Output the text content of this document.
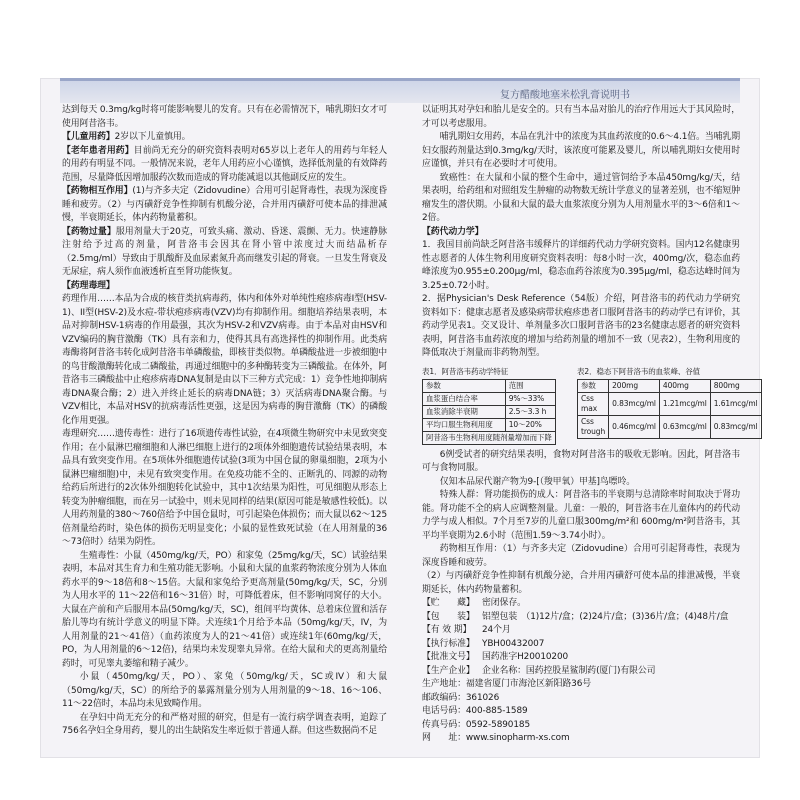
复方醋酸地塞米松乳膏说明书

达到每天 0.3mg/kg时将可能影响婴儿的发育。只有在必需情况下，哺乳期妇女才可使用阿昔洛韦。

【儿童用药】2岁以下儿童慎用。

【老年患者用药】目前尚无充分的研究资料表明对65岁以上老年人的用药与年轻人的用药有明显不同。一般情况来说，老年人用药应小心谨慎，选择低剂量的有效降药范围，尽量降低因增加服药次数而造成的肾功能减退以其他副反应的发生。

【药物相互作用】(1)与齐多夫定（Zidovudine）合用可引起肾毒性，表现为深度昏睡和疲劳。（2）与丙磺舒竞争性抑制有机酸分泌，合并用丙磺舒可使本品的排泄减慢，半衰期延长，体内药物量蓄积。

【药物过量】服用剂量大于20克，可致头痛、激动、昏迷、震颤、无力。快速静脉注射给予过高的剂量，阿昔洛韦会因其在肾小管中浓度过大而结晶析存（2.5mg/ml）导致由于肌酸酐及血尿素氮升高而继发引起的肾衰。一旦发生肾衰及无尿症，病人须作血液透析直至肾功能恢复。

【药理毒理】

药理作用……本品为合成的核苷类抗病毒药，体内和体外对单纯性疱疹病毒I型(HSV-1)、II型(HSV-2)及水痘-带状疱疹病毒(VZV)均有抑制作用。细胞培养结果表明，本品对抑制HSV-1病毒的作用最强，其次为HSV-2和VZV病毒。由于本品对由HSV和VZV编码的胸苷激酶（TK）具有亲和力，使得其具有高选择性的抑制作用。此类病毒酶将阿昔洛韦转化成阿昔洛韦单磷酸盐，即核苷类似物。单磷酸盐进一步被细胞中的鸟苷酸激酶转化成二磷酸盐，再通过细胞中的多种酶转变为三磷酸盐。在体外，阿昔洛韦三磷酸盐中止疱疹病毒DNA复制是由以下三种方式完成：1）竞争性地抑制病毒DNA聚合酶；2）进入并终止延长的病毒DNA链；3）灭活病毒DNA聚合酶。与VZV相比，本品对HSV的抗病毒活性更强，这是因为病毒的胸苷激酶（TK）的磷酸化作用更强。

毒理研究……遗传毒性：进行了16项遗传毒性试验，在4项微生物研究中未见致突变作用；在小鼠淋巴瘤细胞和人淋巴细胞上进行的2项体外细胞遗传试验结果表明，本品具有致突变作用。在5项体外细胞遗传试验(3项为中国仓鼠的卵巢细胞，2项为小鼠淋巴瘤细胞)中，未见有致突变作用。在免疫功能不全的、正断乳的、同源的动物给药后所进行的2次体外细胞转化试验中，其中1次结果为阳性，可见细胞从形态上转变为肿瘤细胞，而在另一试验中，则未见同样的结果(原因可能是敏感性较低)。以人用药剂量的380～760倍给予中国仓鼠时，可引起染色体损伤；而大鼠以62～125倍剂量给药时，染色体的损伤无明显变化；小鼠的显性致死试验（在人用剂量的36～73倍时）结果为阴性。

生殖毒性：小鼠（450mg/kg/天，PO）和家兔（25mg/kg/天，SC）试验结果表明，本品对其生育力和生殖功能无影响。小鼠和大鼠的血浆药物浓度分别为人体血药水平的9～18倍和8～15倍。大鼠和家兔给予更高剂量(50mg/kg/天，SC，分别为人用水平的 11～22倍和16～31倍）时，可降低着床，但不影响同窝仔的大小。大鼠在产前和产后服用本品(50mg/kg/天，SC)，组间平均黄体、总着床位置和活存胎儿等均有统计学意义的明显下降。犬连续1个月给予本品（50mg/kg/天，IV，为人用剂量的21～41倍）（血药浓度为人的21～41倍）或连续1年(60mg/kg/天，PO，为人用剂量的6～12倍)，结果均未发现睾丸异常。在给大鼠和犬的更高剂量给药时，可见睾丸萎缩和精子减少。

小鼠（450mg/kg/天，PO）、家兔（50mg/kg/天，SC或IV）和大鼠（50mg/kg/天，SC）的所给予的暴露剂量分别为人用剂量的9～18、16～106、11～22倍时，本品均未见致畸作用。

在孕妇中尚无充分的和严格对照的研究，但是有一流行病学调查表明，追踪了756名孕妇全身用药，婴儿的出生缺陷发生率近似于普通人群。但这些数据尚不足

以证明其对孕妇和胎儿是安全的。只有当本品对胎儿的治疗作用远大于其风险时，才可以考虑服用。

哺乳期妇女用药，本品在乳汁中的浓度为其血药浓度的0.6～4.1倍。当哺乳期妇女服药剂量达到0.3mg/kg/天时，该浓度可能累及婴儿，所以哺乳期妇女使用时应谨慎，并只有在必要时才可使用。

致癌性：在大鼠和小鼠的整个生命中，通过管饲给予本品450mg/kg/天，结果表明，给药组和对照组发生肿瘤的动物数无统计学意义的显著差别，也不缩短肿瘤发生的潜伏期。小鼠和大鼠的最大血浆浓度分别为人用剂量水平的3～6倍和1～2倍。

【药代动力学】

1．我国目前尚缺乏阿昔洛韦缓释片的详细药代动力学研究资料。国内12名健康男性志愿者的人体生物利用度研究资料表明：每8小时一次，400mg/次，稳态血药峰浓度为0.955±0.200μg/ml，稳态血药谷浓度为0.395μg/ml，稳态达峰时间为3.25±0.72小时。

2．据Physician's Desk Reference（54版）介绍，阿昔洛韦的药代动力学研究资料如下：健康志愿者及感染病带状疱疹患者口服阿昔洛韦的药动学已有评价，其药动学见表1。交叉设计、单剂量多次口服阿昔洛韦的23名健康志愿者的研究资料表明，阿昔洛韦血药浓度的增加与给药剂量的增加不一致（见表2），生物利用度的降低取决于剂量而非药物剂型。

表1．阿昔洛韦药动学特征
参数	范围
血浆蛋白结合率	9%～33%
血浆消除半衰期	2.5～3.3 h
平均口服生物利用度	10～20%
阿昔洛韦生物利用度随剂量增加而下降	
表2．稳态下阿昔洛韦的血浆峰、谷值
参数	200mg	400mg	800mg
Css max	0.83mcg/ml	1.21mcg/ml	1.61mcg/ml
Css trough	0.46mcg/ml	0.63mcg/ml	0.83mcg/ml

6例受试者的研究结果表明，食物对阿昔洛韦的吸收无影响。因此，阿昔洛韦可与食物同服。

仅知本品尿代谢产物为9-[（羧甲氧）甲基]鸟嘌呤。

特殊人群：肾功能损伤的成人：阿昔洛韦的半衰期与总清除率时间取决于肾功能。肾功能不全的病人应调整剂量。儿童：一般的，阿昔洛韦在儿童体内的药代动力学与成人相似。7个月至7岁的儿童口服300mg/m²和 600mg/m²阿昔洛韦，其平均半衰期为2.6小时（范围1.59～3.74小时）。

药物相互作用：（1）与齐多夫定（Zidovudine）合用可引起肾毒性，表现为深度昏睡和疲劳。

（2）与丙磺舒竞争性抑制有机酸分泌，合并用丙磺舒可使本品的排泄减慢，半衰期延长，体内药物量蓄积。

【贮　　藏】 密闭保存。
【包　　装】 铝塑包装　（1)12片/盒；(2)24片/盒；(3)36片/盒；(4)48片/盒
【有 效 期】	24个月
【执行标准】 YBH00432007
【批准文号】 国药准字H20010200
【生产企业】 企业名称：国药控股星鲨制药(厦门)有限公司

生产地址：福建省厦门市海沧区新阳路36号

邮政编码：361026

电话号码：400-885-1589

传真号码：0592-5890185

网　　址：www.sinopharm-xs.com
